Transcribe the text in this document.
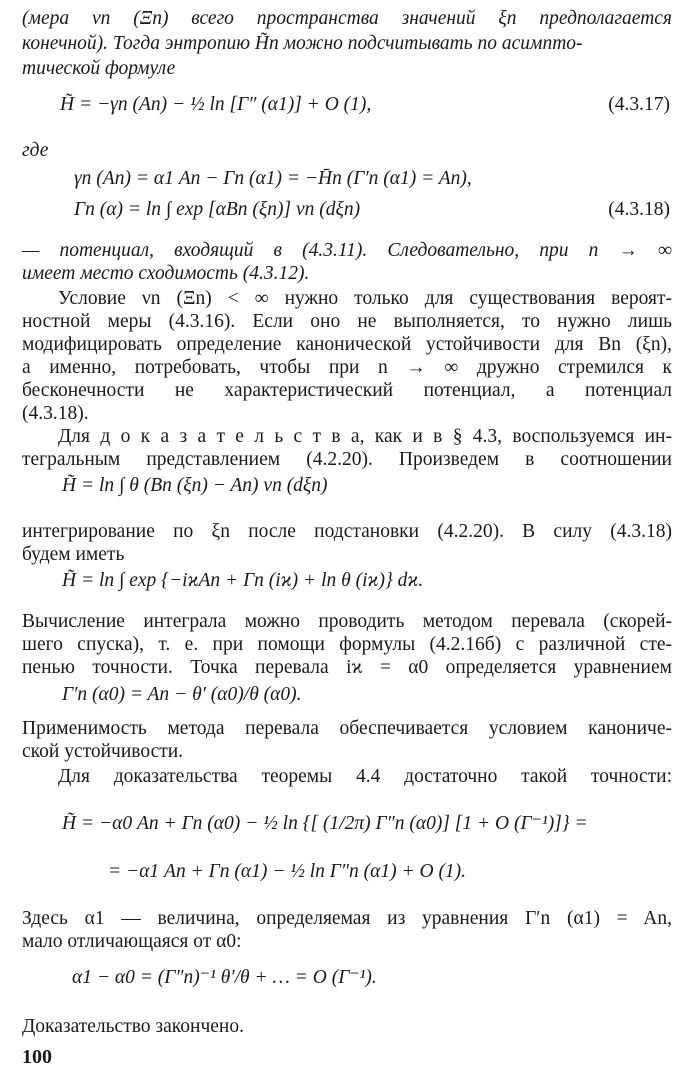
(мера νn (Ξn) всего пространства значений ξn предполагается
конечной). Тогда энтропию H̃n можно подсчитывать по асимпто-
тической формуле
H̃ = −γn (An) − ½ ln [Γ″ (α1)] + O (1),	(4.3.17)
где
γn (An) = α1 An − Γn (α1) = −H̄n (Γ′n (α1) = An),
Γn (α) = ln ∫ exp [αBn (ξn)] νn (dξn)	(4.3.18)
— потенциал, входящий в (4.3.11). Следовательно, при n → ∞
имеет место сходимость (4.3.12).
Условие νn (Ξn) < ∞ нужно только для существования вероят-
ностной меры (4.3.16). Если оно не выполняется, то нужно лишь
модифицировать определение канонической устойчивости для Bn (ξn),
а именно, потребовать, чтобы при n → ∞ дружно стремился к
бесконечности не характеристический потенциал, а потенциал
(4.3.18).
Для д о к а з а т е л ь с т в а, как и в § 4.3, воспользуемся ин-
тегральным представлением (4.2.20). Произведем в соотношении
H̃ = ln ∫ θ (Bn (ξn) − An) νn (dξn)
интегрирование по ξn после подстановки (4.2.20). В силу (4.3.18)
будем иметь
H̃ = ln ∫ exp {−iϰAn + Γn (iϰ) + ln θ (iϰ)} dϰ.
Вычисление интеграла можно проводить методом перевала (скорей-
шего спуска), т. е. при помощи формулы (4.2.16б) с различной сте-
пенью точности. Точка перевала iϰ = α0 определяется уравнением
Γ′n (α0) = An − θ′ (α0)/θ (α0).
Применимость метода перевала обеспечивается условием канониче-
ской устойчивости.
Для доказательства теоремы 4.4 достаточно такой точности:
H̃ = −α0 An + Γn (α0) − ½ ln {[ (1/2π) Γ″n (α0)] [1 + O (Γ⁻¹)]} =
= −α1 An + Γn (α1) − ½ ln Γ″n (α1) + O (1).
Здесь α1 — величина, определяемая из уравнения Γ′n (α1) = An,
мало отличающаяся от α0:
α1 − α0 = (Γ″n)⁻¹ θ′/θ + … = O (Γ⁻¹).
Доказательство закончено.
100
